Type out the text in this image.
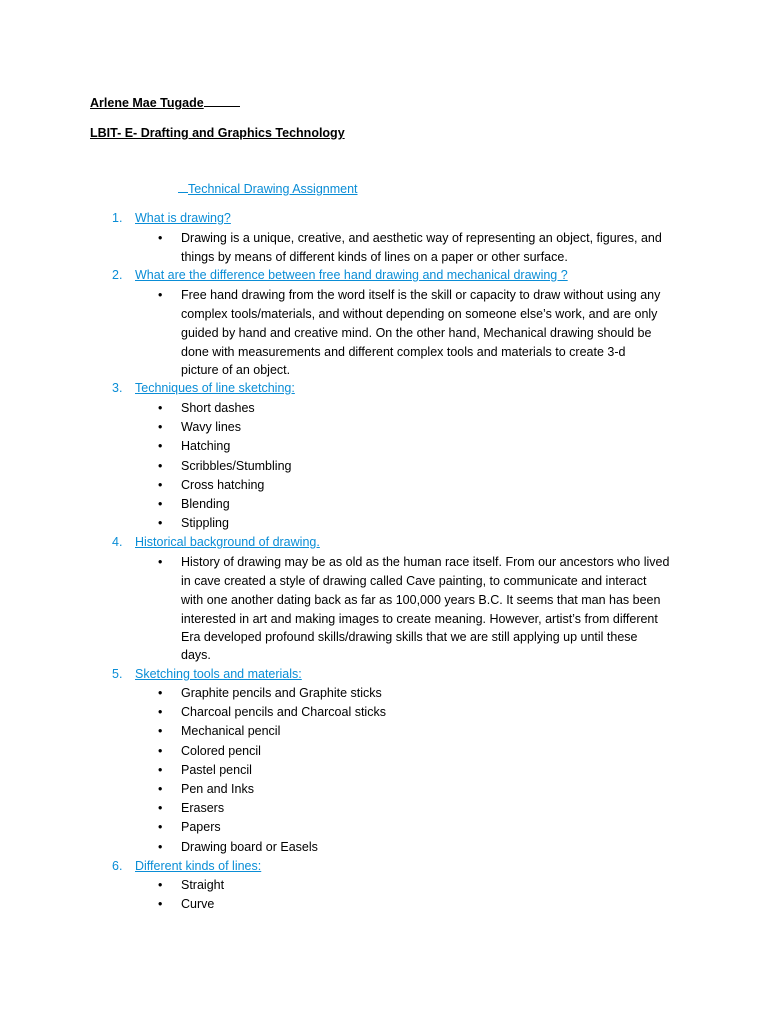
Arlene Mae Tugade
LBIT- E- Drafting and Graphics Technology
Technical Drawing Assignment
1.	What is drawing?
• Drawing is a unique, creative, and aesthetic way of representing an object, figures, and
things by means of different kinds of lines on a paper or other surface.
2.	What are the difference between free hand drawing and mechanical drawing ?
• Free hand drawing from the word itself is the skill or capacity to draw without using any
complex tools/materials, and without depending on someone else’s work, and are only
guided by hand and creative mind. On the other hand, Mechanical drawing should be
done with measurements and different complex tools and materials to create 3-d
picture of an object.
3.	Techniques of line sketching:
• Short dashes
• Wavy lines
• Hatching
• Scribbles/Stumbling
• Cross hatching
• Blending
• Stippling
4.	Historical background of drawing.
• History of drawing may be as old as the human race itself. From our ancestors who lived
in cave created a style of drawing called Cave painting, to communicate and interact
with one another dating back as far as 100,000 years B.C. It seems that man has been
interested in art and making images to create meaning. However, artist’s from different
Era developed profound skills/drawing skills that we are still applying up until these
days.
5.	Sketching tools and materials:
• Graphite pencils and Graphite sticks
• Charcoal pencils and Charcoal sticks
• Mechanical pencil
• Colored pencil
• Pastel pencil
• Pen and Inks
• Erasers
• Papers
• Drawing board or Easels
6.	Different kinds of lines:
• Straight
• Curve
